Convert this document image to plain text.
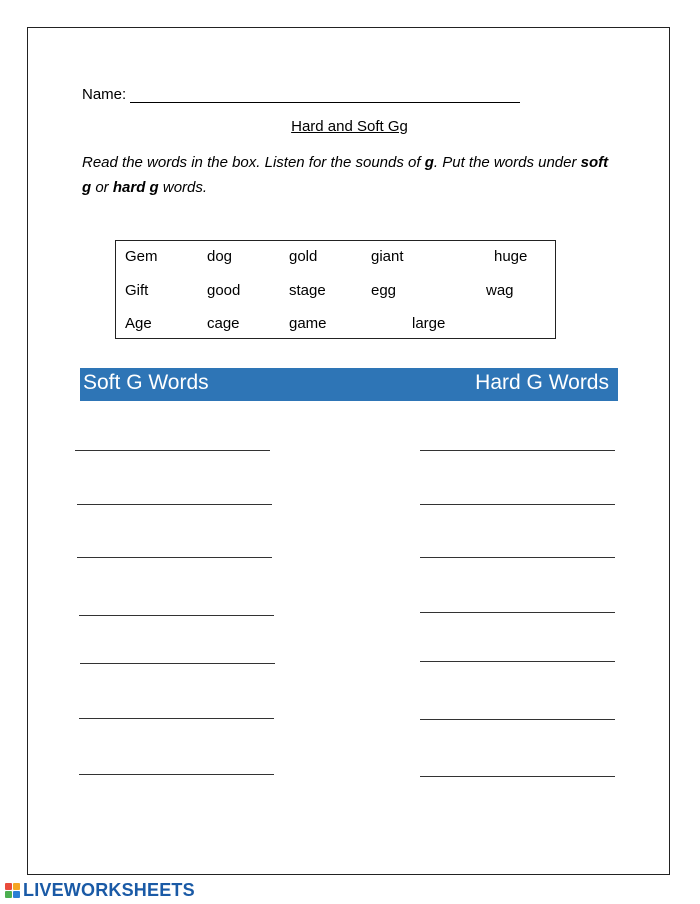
Name:
Hard and Soft Gg
Read the words in the box. Listen for the sounds of g. Put the words under soft g or hard g words.
Gem	dog	gold	giant	huge
Gift	good	stage	egg	wag
Age	cage	game	large
Soft G Words	Hard G Words
LIVEWORKSHEETS
